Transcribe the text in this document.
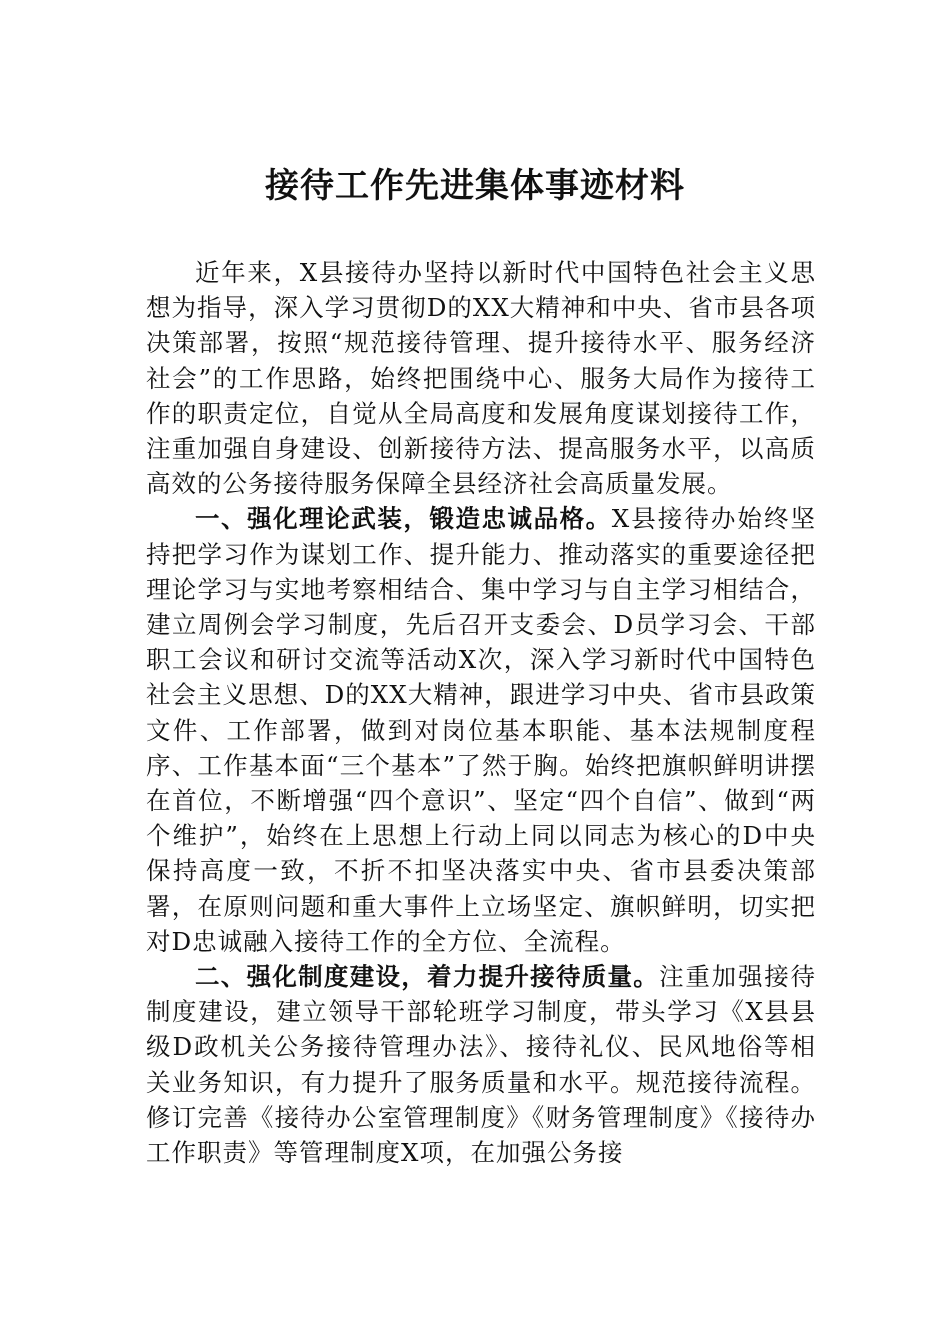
接待工作先进集体事迹材料

近年来，X县接待办坚持以新时代中国特色社会主义思想为指导，深入学习贯彻D的XX大精神和中央、省市县各项决策部署，按照“规范接待管理、提升接待水平、服务经济社会”的工作思路，始终把围绕中心、服务大局作为接待工作的职责定位，自觉从全局高度和发展角度谋划接待工作，注重加强自身建设、创新接待方法、提高服务水平，以高质高效的公务接待服务保障全县经济社会高质量发展。

一、强化理论武装，锻造忠诚品格。X县接待办始终坚持把学习作为谋划工作、提升能力、推动落实的重要途径把理论学习与实地考察相结合、集中学习与自主学习相结合，建立周例会学习制度，先后召开支委会、D员学习会、干部职工会议和研讨交流等活动X次，深入学习新时代中国特色社会主义思想、D的XX大精神，跟进学习中央、省市县政策文件、工作部署，做到对岗位基本职能、基本法规制度程序、工作基本面“三个基本”了然于胸。始终把旗帜鲜明讲摆在首位，不断增强“四个意识”、坚定“四个自信”、做到“两个维护”，始终在上思想上行动上同以同志为核心的D中央保持高度一致，不折不扣坚决落实中央、省市县委决策部署，在原则问题和重大事件上立场坚定、旗帜鲜明，切实把对D忠诚融入接待工作的全方位、全流程。

二、强化制度建设，着力提升接待质量。注重加强接待制度建设，建立领导干部轮班学习制度，带头学习《X县县级D政机关公务接待管理办法》、接待礼仪、民风地俗等相关业务知识，有力提升了服务质量和水平。规范接待流程。修订完善《接待办公室管理制度》《财务管理制度》《接待办工作职责》等管理制度X项，在加强公务接
